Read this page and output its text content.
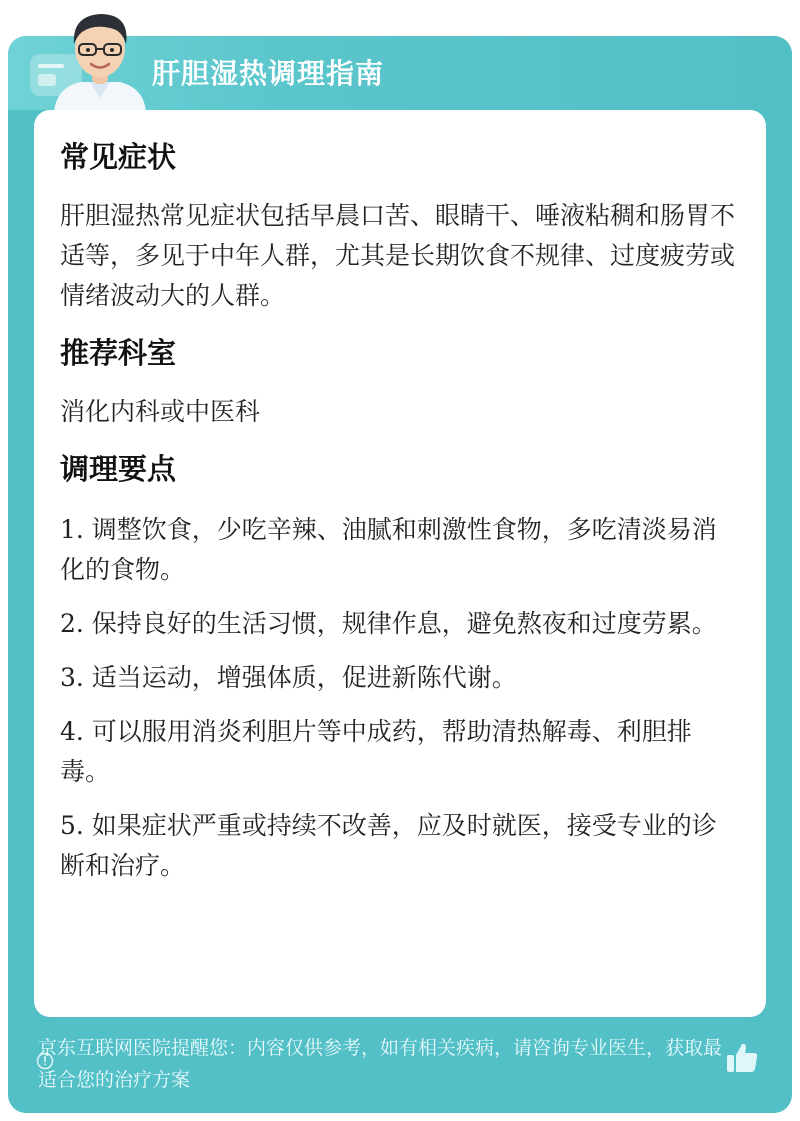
肝胆湿热调理指南
常见症状

肝胆湿热常见症状包括早晨口苦、眼睛干、唾液粘稠和肠胃不适等，多见于中年人群，尤其是长期饮食不规律、过度疲劳或情绪波动大的人群。

推荐科室

消化内科或中医科

调理要点
1. 调整饮食，少吃辛辣、油腻和刺激性食物，多吃清淡易消化的食物。
2. 保持良好的生活习惯，规律作息，避免熬夜和过度劳累。
3. 适当运动，增强体质，促进新陈代谢。
4. 可以服用消炎利胆片等中成药，帮助清热解毒、利胆排毒。
5. 如果症状严重或持续不改善，应及时就医，接受专业的诊断和治疗。
京东互联网医院提醒您：内容仅供参考，如有相关疾病，请咨询专业医生，获取最适合您的治疗方案
